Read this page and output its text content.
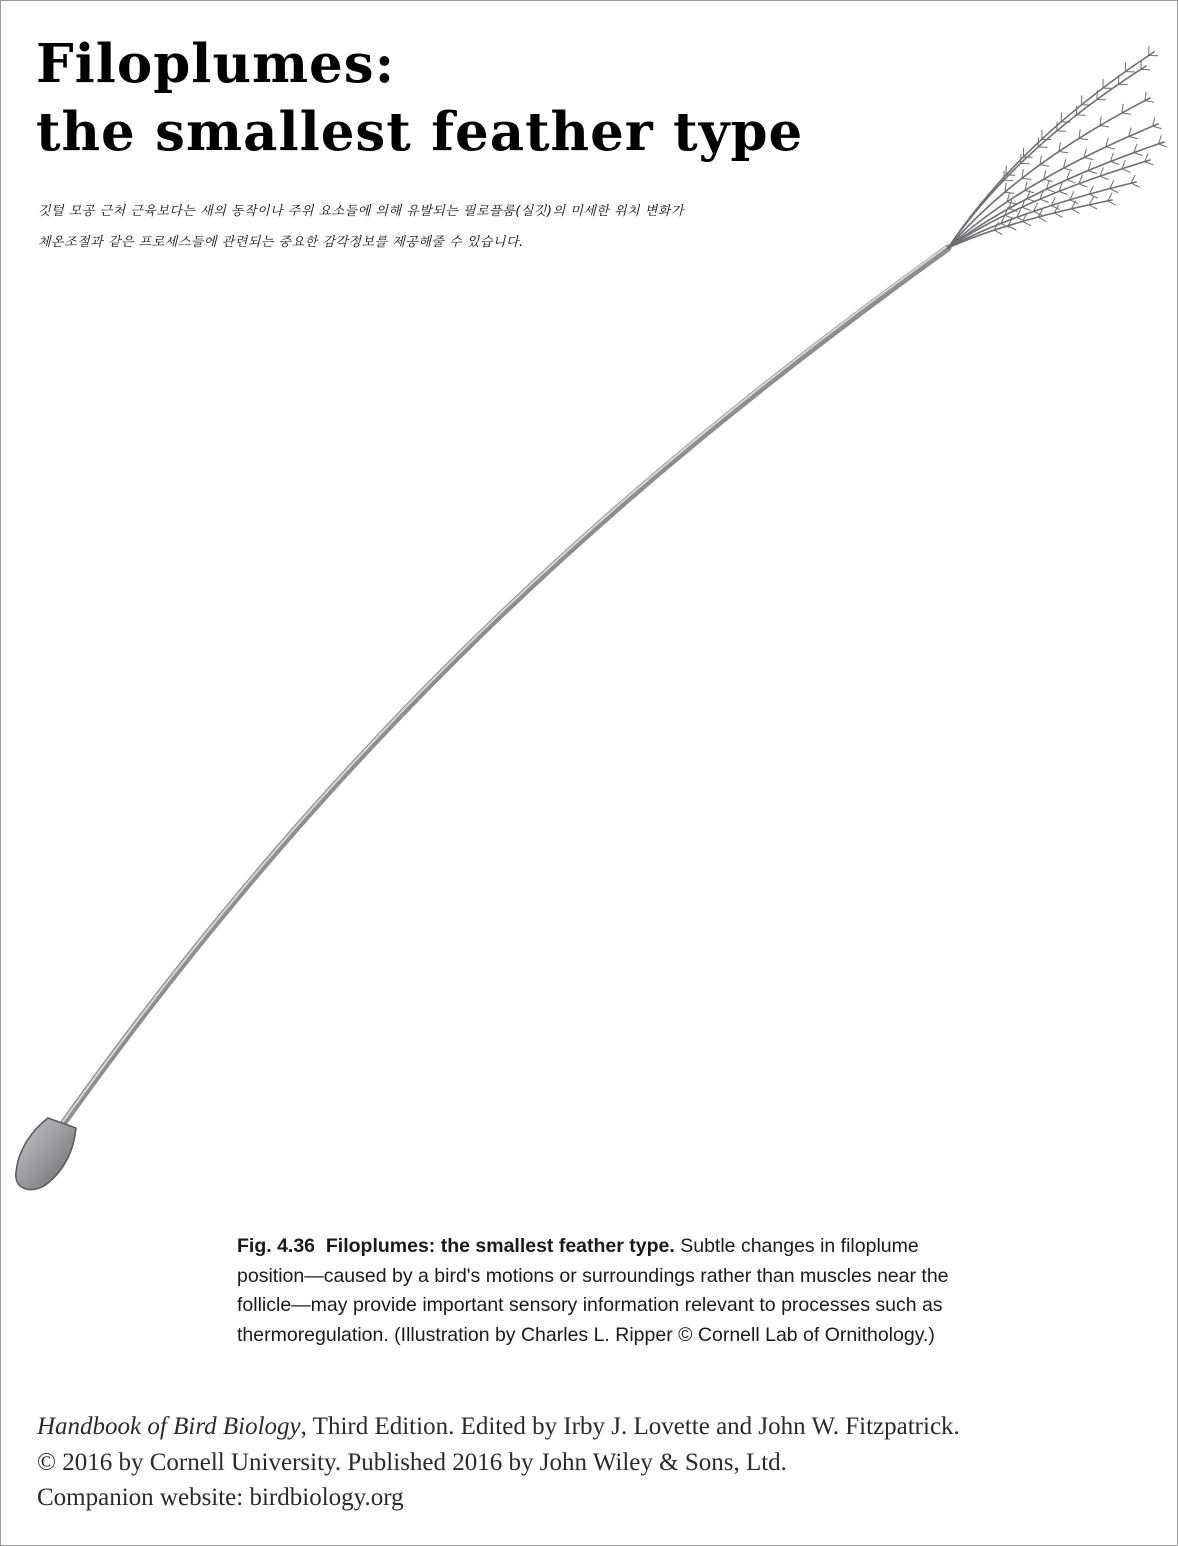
Filoplumes:
the smallest feather type
깃털 모공 근처 근육보다는 새의 동작이나 주위 요소들에 의해 유발되는 필로플룸(실깃)의 미세한 위치 변화가
체온조절과 같은 프로세스들에 관련되는 중요한 감각정보를 제공해줄 수 있습니다.

Fig. 4.36 Filoplumes: the smallest feather type. Subtle changes in filoplume position—caused by a bird's motions or surroundings rather than muscles near the follicle—may provide important sensory information relevant to processes such as thermoregulation. (Illustration by Charles L. Ripper © Cornell Lab of Ornithology.)

Handbook of Bird Biology, Third Edition. Edited by Irby J. Lovette and John W. Fitzpatrick.
© 2016 by Cornell University. Published 2016 by John Wiley & Sons, Ltd.
Companion website: birdbiology.org
